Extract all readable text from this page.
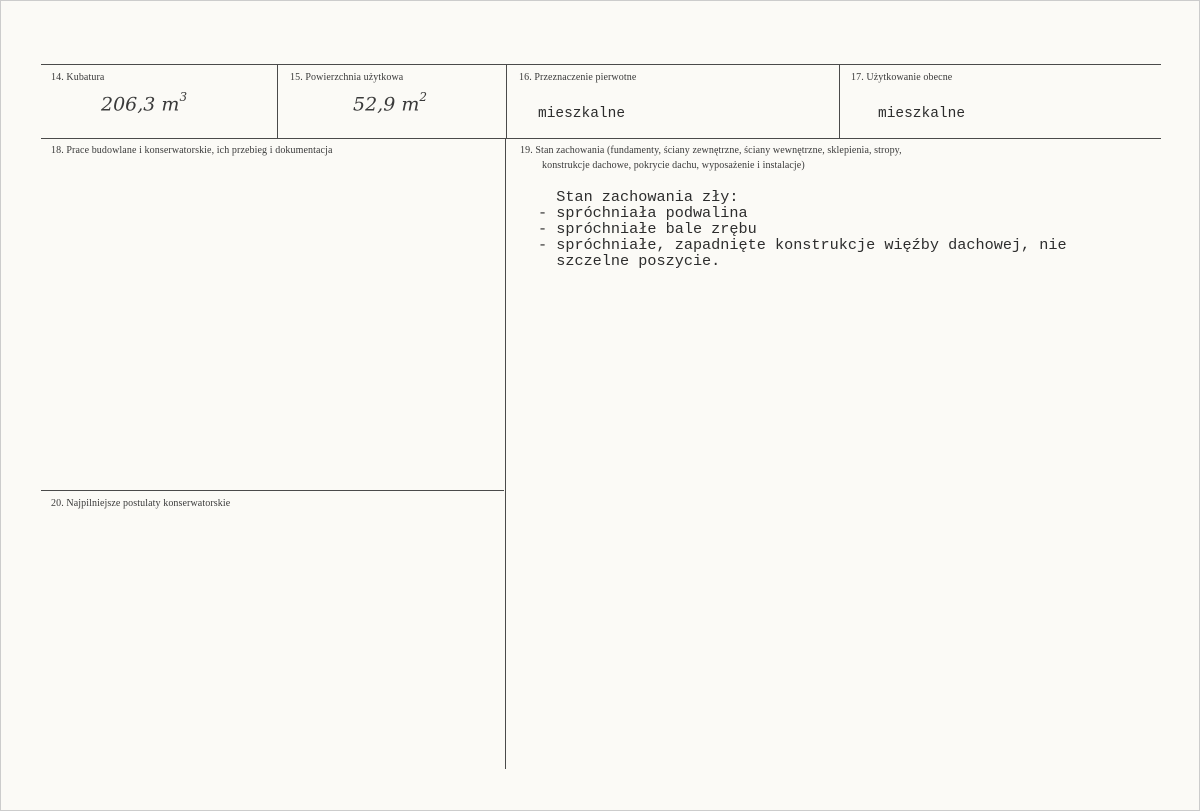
14. Kubatura
206,3 $m^3$
15. Powierzchnia użytkowa
52,9 $m^2$
16. Przeznaczenie pierwotne
mieszkalne
17. Użytkowanie obecne
mieszkalne
18. Prace budowlane i konserwatorskie, ich przebieg i dokumentacja	19. Stan zachowania (fundamenty, ściany zewnętrzne, ściany wewnętrzne, sklepienia, stropy,
konstrukcje dachowe, pokrycie dachu, wyposażenie i instalacje)
Stan zachowania zły:
- spróchniała podwalina
- spróchniałe bale zrębu
- spróchniałe, zapadnięte konstrukcje więźby dachowej, nie
szczelne poszycie.
20. Najpilniejsze postulaty konserwatorskie
